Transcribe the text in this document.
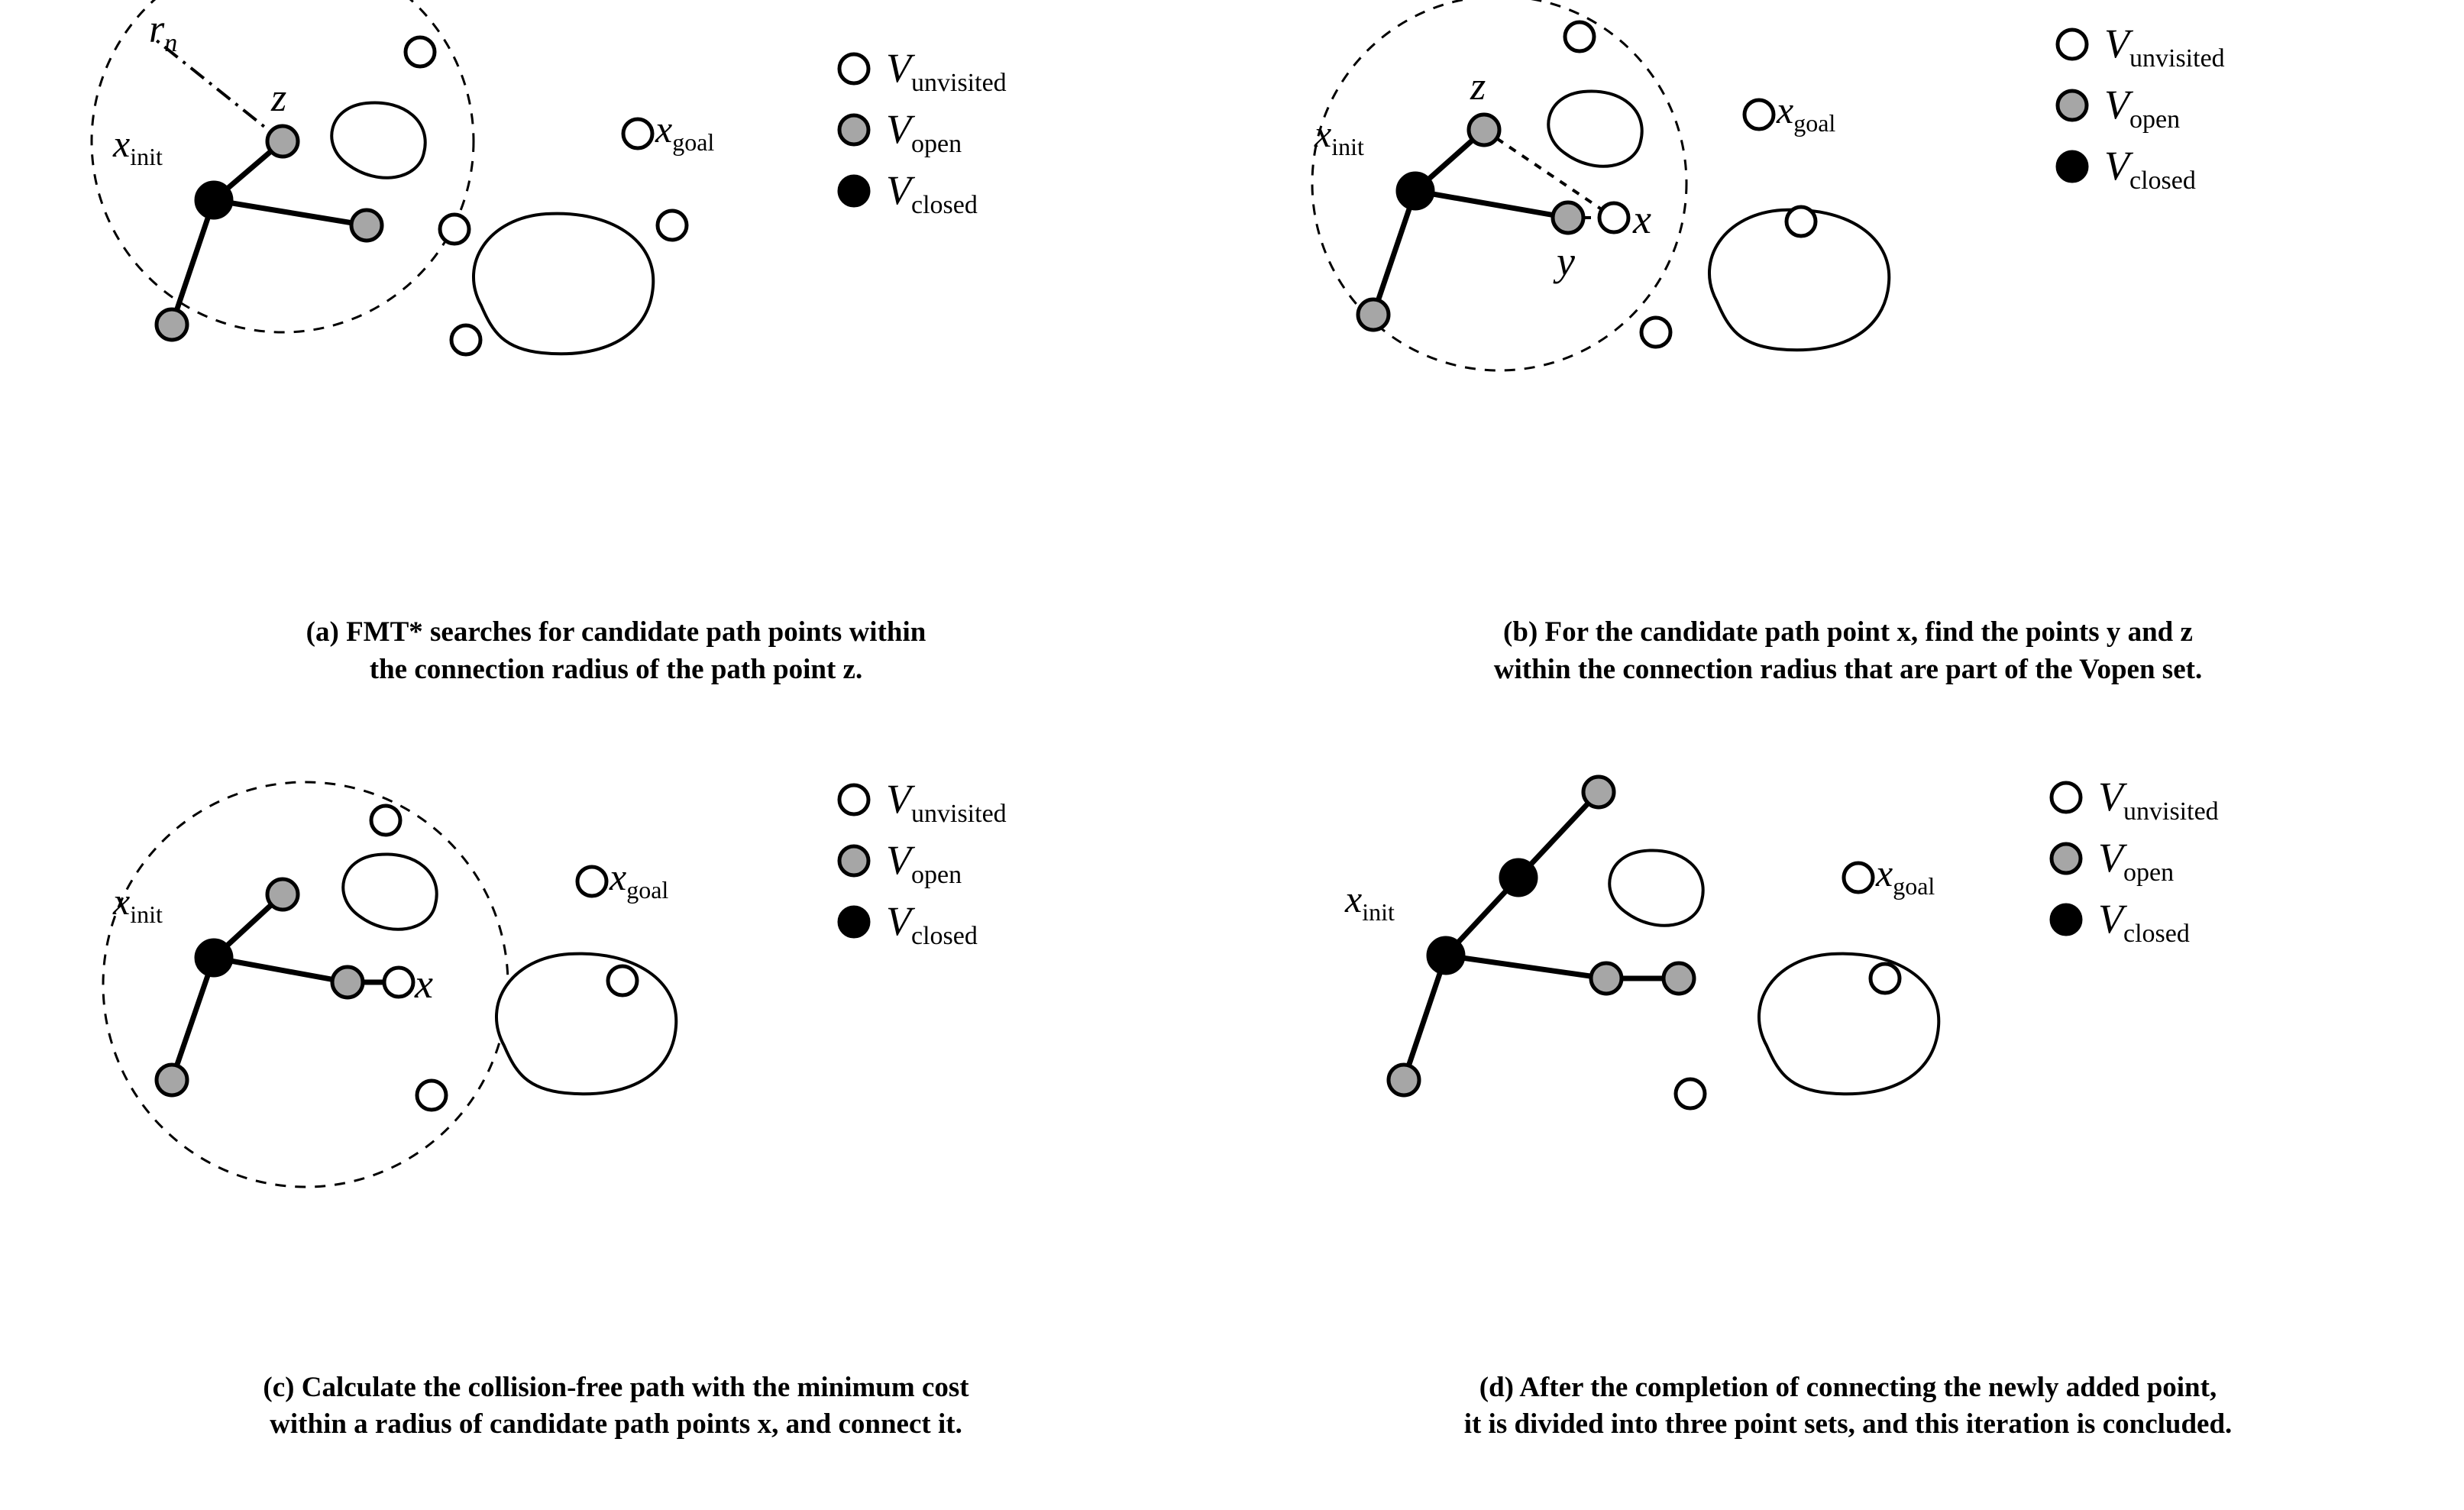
$r_n$
z
$x_{init}$
$x_{goal}$
$V_{unvisited}$
$V_{open}$
$V_{closed}$
(a) FMT* searches for candidate path points within
the connection radius of the path point z.
z
y
x
$x_{init}$
$x_{goal}$
$V_{unvisited}$
$V_{open}$
$V_{closed}$
(b) For the candidate path point x, find the points y and z
within the connection radius that are part of the Vopen set.
x
$x_{init}$
$x_{goal}$
$V_{unvisited}$
$V_{open}$
$V_{closed}$
(c) Calculate the collision-free path with the minimum cost
within a radius of candidate path points x, and connect it.
$x_{init}$
$x_{goal}$
$V_{unvisited}$
$V_{open}$
$V_{closed}$
(d) After the completion of connecting the newly added point,
it is divided into three point sets, and this iteration is concluded.
